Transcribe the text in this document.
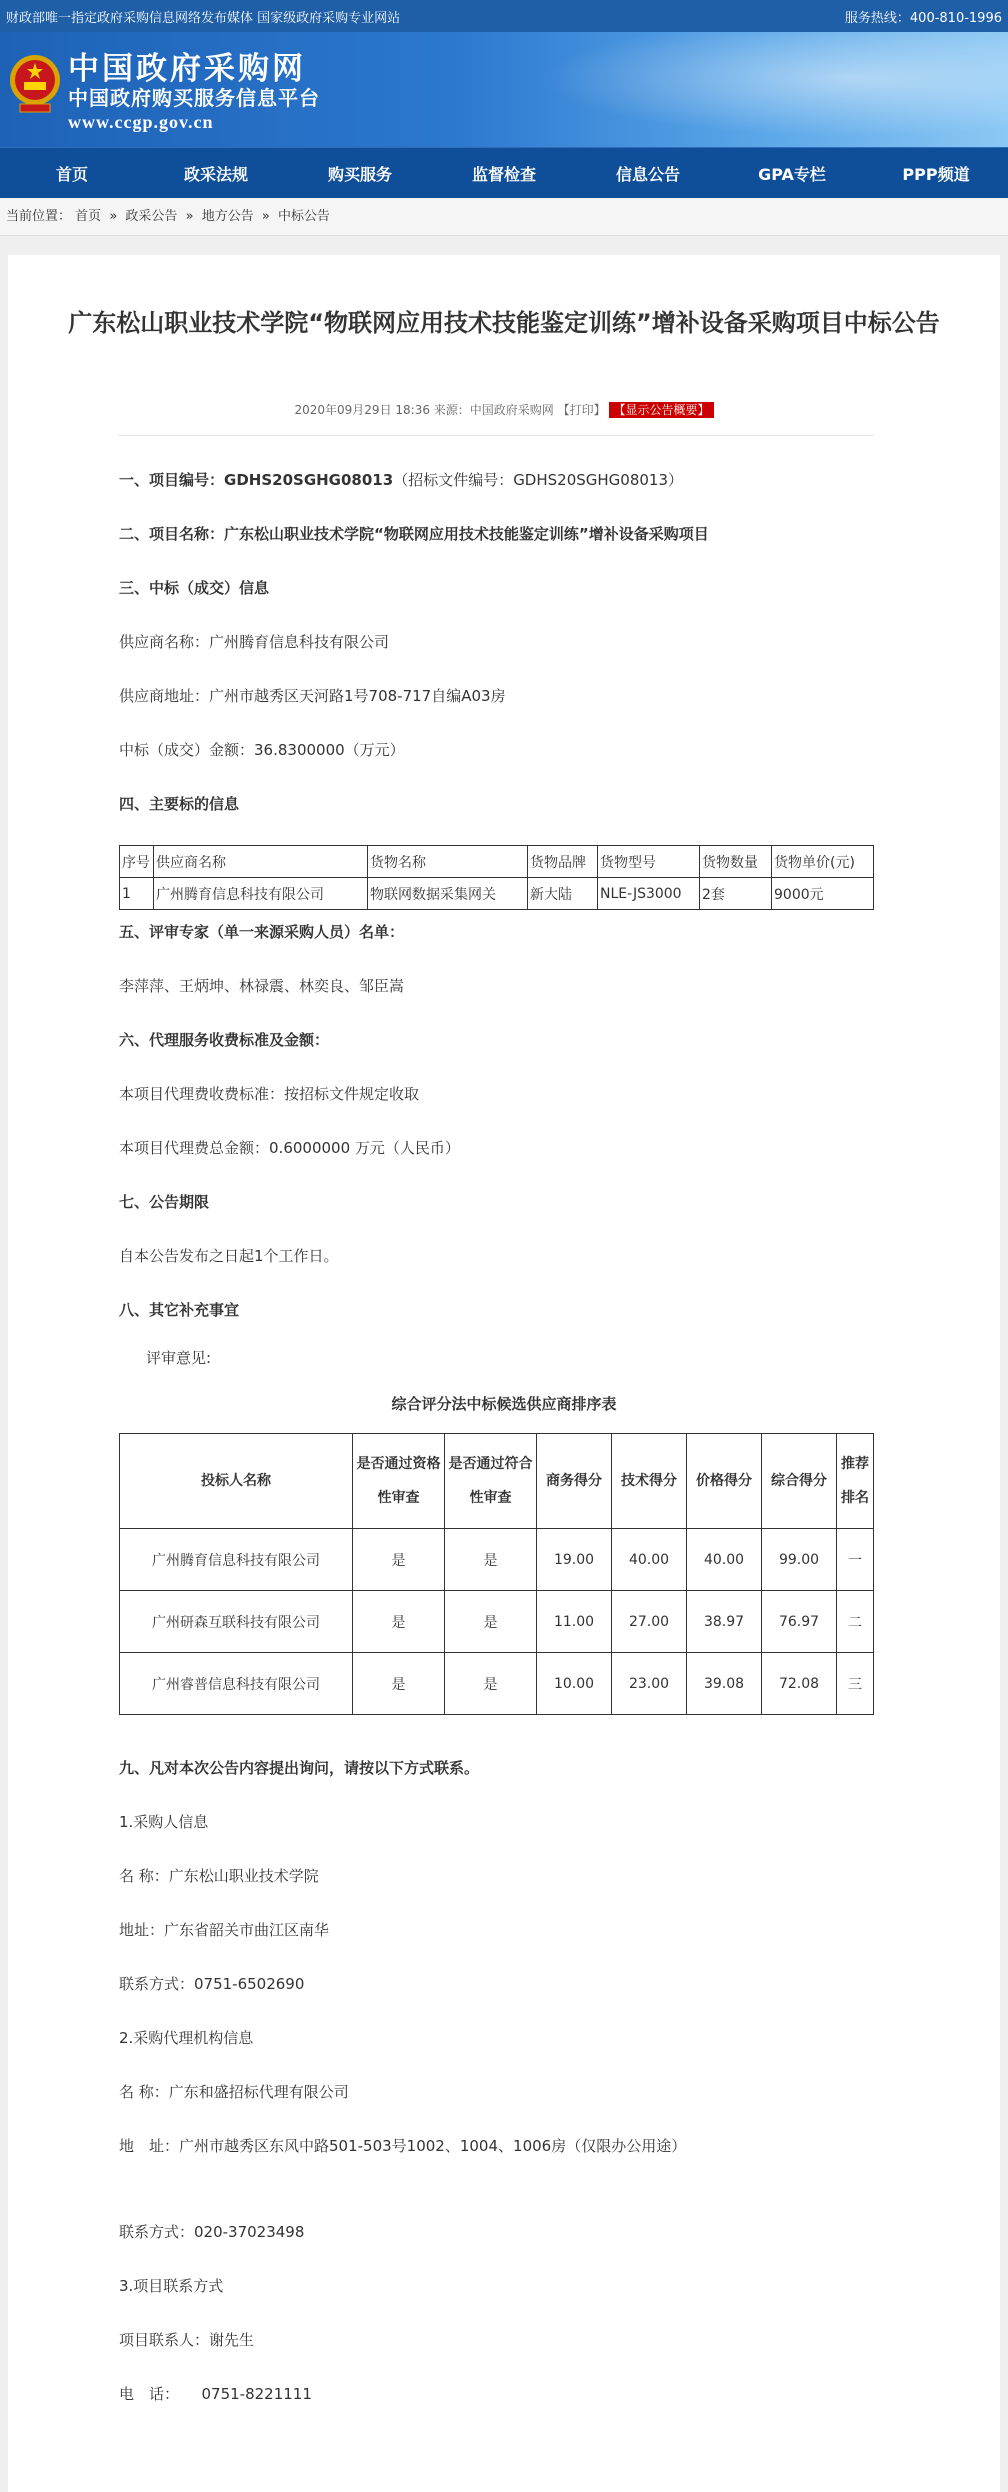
财政部唯一指定政府采购信息网络发布媒体 国家级政府采购专业网站	服务热线：400-810-1996
中国政府采购网
中国政府购买服务信息平台
www.ccgp.gov.cn
首页	政采法规	购买服务	监督检查	信息公告	GPA专栏	PPP频道
当前位置： 首页 » 政采公告 » 地方公告 » 中标公告
广东松山职业技术学院“物联网应用技术技能鉴定训练”增补设备采购项目中标公告
2020年09月29日 18:36 来源：中国政府采购网 【打印】 【显示公告概要】
一、项目编号：GDHS20SGHG08013（招标文件编号：GDHS20SGHG08013）
二、项目名称：广东松山职业技术学院“物联网应用技术技能鉴定训练”增补设备采购项目
三、中标（成交）信息
供应商名称：广州腾育信息科技有限公司
供应商地址：广州市越秀区天河路1号708-717自编A03房
中标（成交）金额：36.8300000（万元）
四、主要标的信息
序号	供应商名称	货物名称	货物品牌	货物型号	货物数量	货物单价(元)
1	广州腾育信息科技有限公司	物联网数据采集网关	新大陆	NLE-JS3000	2套	9000元
五、评审专家（单一来源采购人员）名单：
李萍萍、王炳坤、林禄震、林奕良、邹臣嵩
六、代理服务收费标准及金额：
本项目代理费收费标准：按招标文件规定收取
本项目代理费总金额：0.6000000 万元（人民币）
七、公告期限
自本公告发布之日起1个工作日。
八、其它补充事宜
评审意见:
综合评分法中标候选供应商排序表
投标人名称	是否通过资格性审查	是否通过符合性审查	商务得分	技术得分	价格得分	综合得分	推荐排名
广州腾育信息科技有限公司	是	是	19.00	40.00	40.00	99.00	一
广州研森互联科技有限公司	是	是	11.00	27.00	38.97	76.97	二
广州睿普信息科技有限公司	是	是	10.00	23.00	39.08	72.08	三
九、凡对本次公告内容提出询问，请按以下方式联系。
1.采购人信息
名 称：广东松山职业技术学院
地址：广东省韶关市曲江区南华
联系方式：0751-6502690
2.采购代理机构信息
名 称：广东和盛招标代理有限公司
地　址：广州市越秀区东风中路501-503号1002、1004、1006房（仅限办公用途）
联系方式：020-37023498
3.项目联系方式
项目联系人：谢先生
电　话：　　0751-8221111
